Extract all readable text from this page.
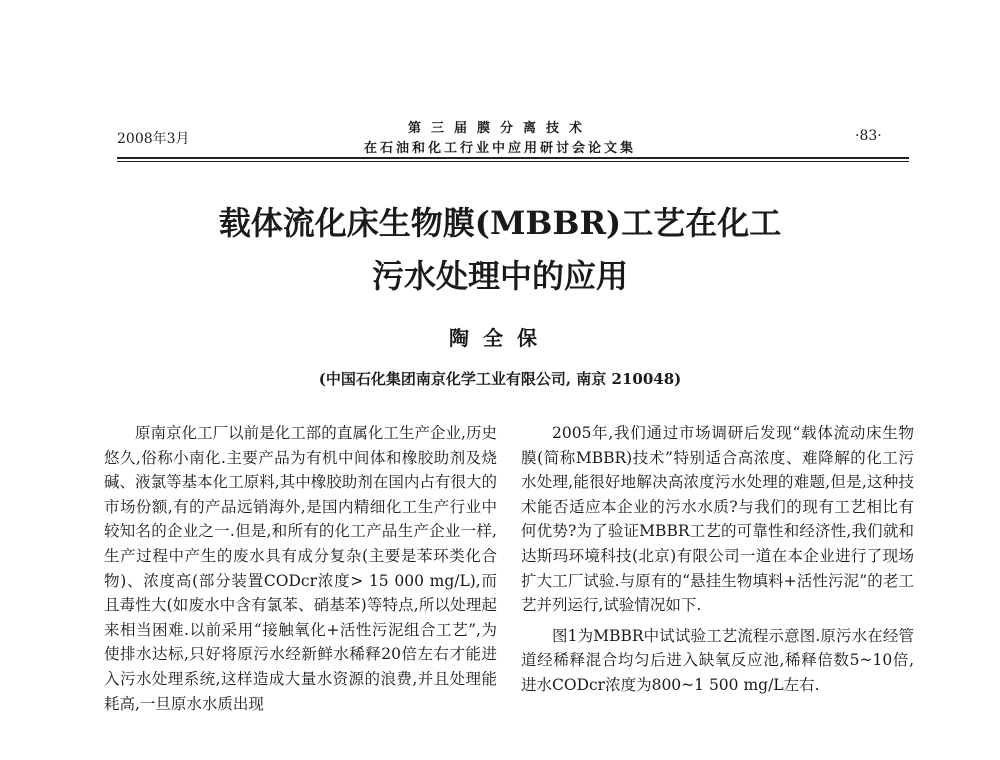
2008年3月
第三届膜分离技术
在石油和化工行业中应用研讨会论文集
·83·
载体流化床生物膜(MBBR)工艺在化工
污水处理中的应用
陶全保
(中国石化集团南京化学工业有限公司, 南京 210048)

原南京化工厂以前是化工部的直属化工生产企业,历史悠久,俗称小南化.主要产品为有机中间体和橡胶助剂及烧碱、液氯等基本化工原料,其中橡胶助剂在国内占有很大的市场份额,有的产品远销海外,是国内精细化工生产行业中较知名的企业之一.但是,和所有的化工产品生产企业一样,生产过程中产生的废水具有成分复杂(主要是苯环类化合物)、浓度高(部分装置CODcr浓度> 15 000 mg/L),而且毒性大(如废水中含有氯苯、硝基苯)等特点,所以处理起来相当困难.以前采用“接触氧化+活性污泥组合工艺”,为使排水达标,只好将原污水经新鲜水稀释20倍左右才能进入污水处理系统,这样造成大量水资源的浪费,并且处理能耗高,一旦原水水质出现

2005年,我们通过市场调研后发现“载体流动床生物膜(简称MBBR)技术”特别适合高浓度、难降解的化工污水处理,能很好地解决高浓度污水处理的难题,但是,这种技术能否适应本企业的污水水质?与我们的现有工艺相比有何优势?为了验证MBBR工艺的可靠性和经济性,我们就和达斯玛环境科技(北京)有限公司一道在本企业进行了现场扩大工厂试验.与原有的“悬挂生物填料+活性污泥”的老工艺并列运行,试验情况如下.

图1为MBBR中试试验工艺流程示意图.原污水在经管道经稀释混合均匀后进入缺氧反应池,稀释倍数5~10倍,进水CODcr浓度为800~1 500 mg/L左右.
